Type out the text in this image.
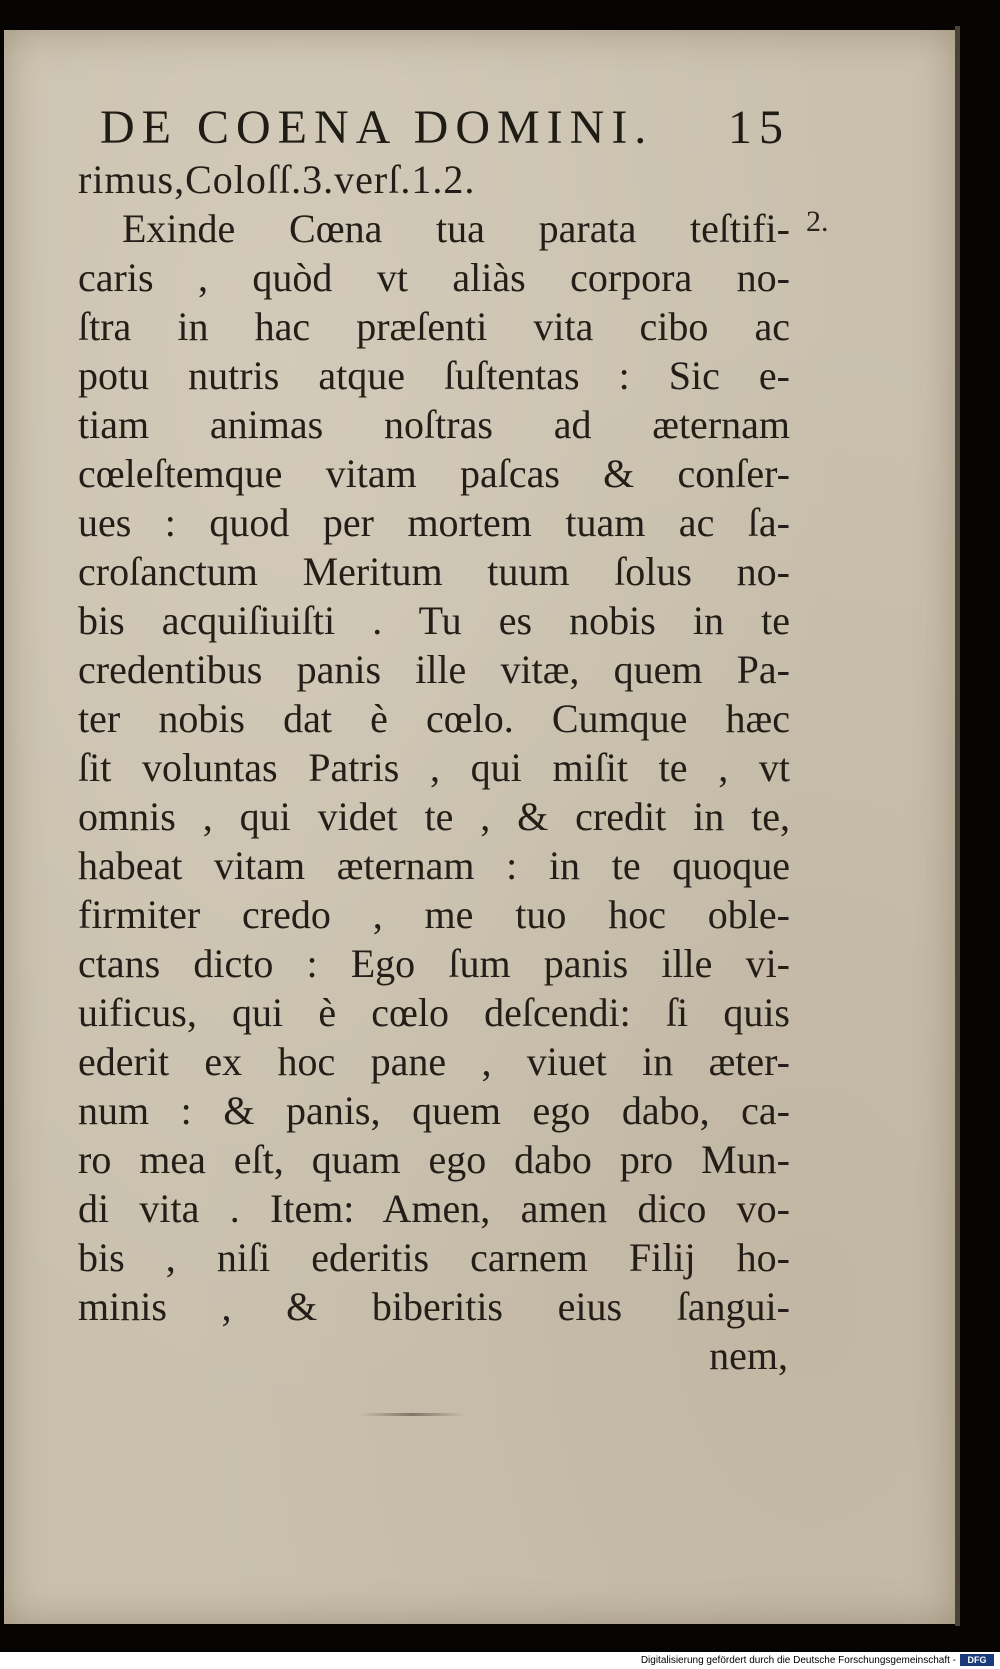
DE COENA DOMINI. 15
2.
rimus,Coloſſ.3.verſ.1.2.
Exinde Cœna tua parata teſtifi-
caris , quòd vt aliàs corpora no-
ſtra in hac præſenti vita cibo ac
potu nutris atque ſuſtentas : Sic e-
tiam animas noſtras ad æternam
cœleſtemque vitam paſcas & conſer-
ues : quod per mortem tuam ac ſa-
croſanctum Meritum tuum ſolus no-
bis acquiſiuiſti . Tu es nobis in te
credentibus panis ille vitæ, quem Pa-
ter nobis dat è cœlo. Cumque hæc
ſit voluntas Patris , qui miſit te , vt
omnis , qui videt te , & credit in te,
habeat vitam æternam : in te quoque
firmiter credo , me tuo hoc oble-
ctans dicto : Ego ſum panis ille vi-
uificus, qui è cœlo deſcendi: ſi quis
ederit ex hoc pane , viuet in æter-
num : & panis, quem ego dabo, ca-
ro mea eſt, quam ego dabo pro Mun-
di vita . Item: Amen, amen dico vo-
bis , niſi ederitis carnem Filij ho-
minis , & biberitis eius ſangui-
nem,
Digitalisierung gefördert durch die Deutsche Forschungsgemeinschaft -	DFG
